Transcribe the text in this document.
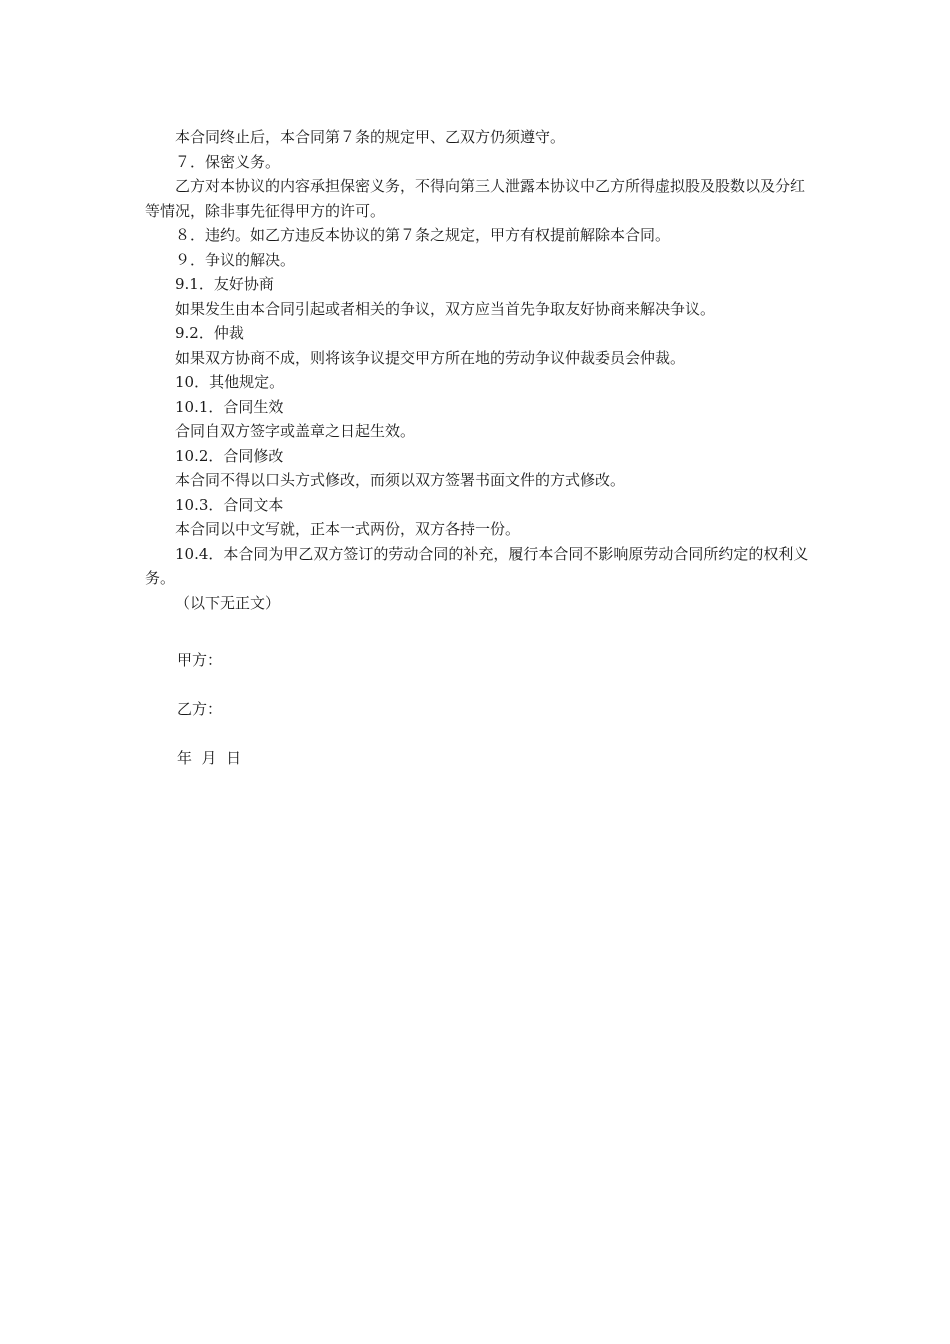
本合同终止后，本合同第７条的规定甲、乙双方仍须遵守。

７．保密义务。

乙方对本协议的内容承担保密义务，不得向第三人泄露本协议中乙方所得虚拟股及股数以及分红等情况，除非事先征得甲方的许可。

８．违约。如乙方违反本协议的第７条之规定，甲方有权提前解除本合同。

９．争议的解决。

9.1．友好协商

如果发生由本合同引起或者相关的争议，双方应当首先争取友好协商来解决争议。

9.2．仲裁

如果双方协商不成，则将该争议提交甲方所在地的劳动争议仲裁委员会仲裁。

10．其他规定。

10.1．合同生效

合同自双方签字或盖章之日起生效。

10.2．合同修改

本合同不得以口头方式修改，而须以双方签署书面文件的方式修改。

10.3．合同文本

本合同以中文写就，正本一式两份，双方各持一份。

10.4．本合同为甲乙双方签订的劳动合同的补充，履行本合同不影响原劳动合同所约定的权利义务。

（以下无正文）

甲方：

乙方：

年  月  日
